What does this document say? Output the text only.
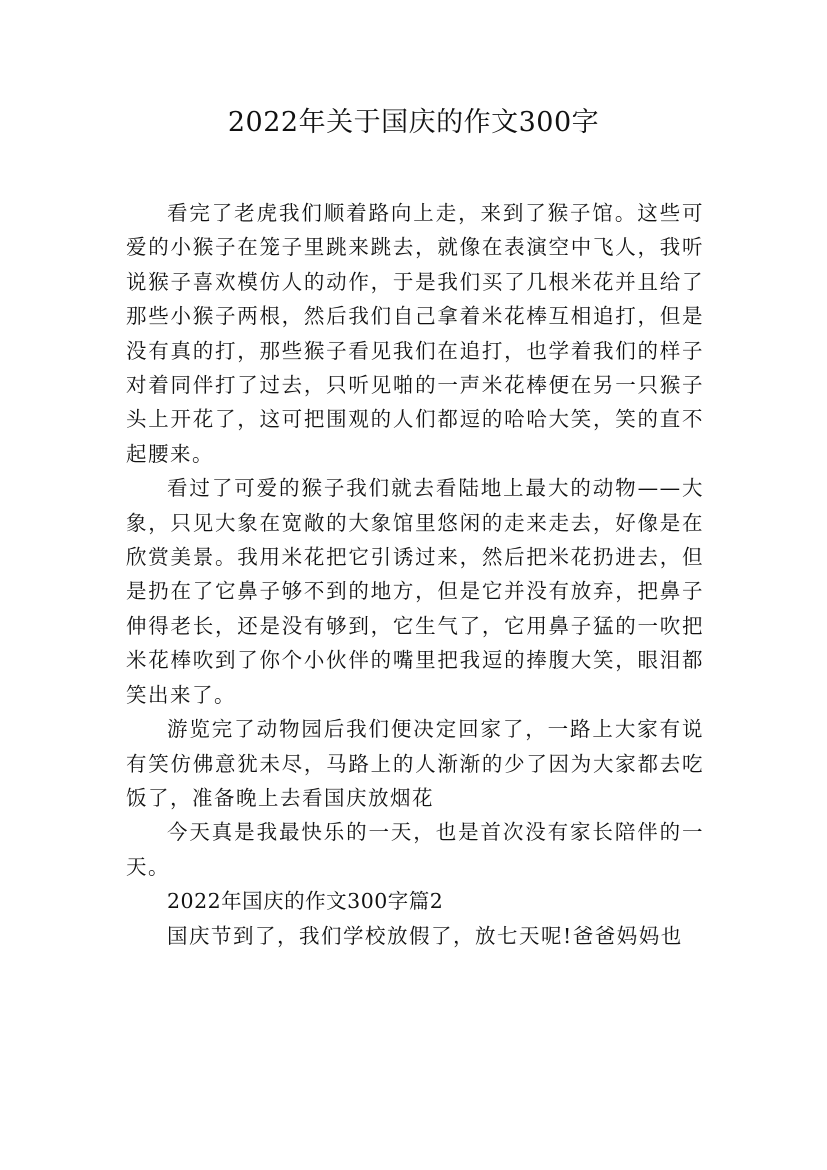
2022年关于国庆的作文300字

看完了老虎我们顺着路向上走，来到了猴子馆。这些可爱的小猴子在笼子里跳来跳去，就像在表演空中飞人，我听说猴子喜欢模仿人的动作，于是我们买了几根米花并且给了那些小猴子两根，然后我们自己拿着米花棒互相追打，但是没有真的打，那些猴子看见我们在追打，也学着我们的样子对着同伴打了过去，只听见啪的一声米花棒便在另一只猴子头上开花了，这可把围观的人们都逗的哈哈大笑，笑的直不起腰来。

看过了可爱的猴子我们就去看陆地上最大的动物——大象，只见大象在宽敞的大象馆里悠闲的走来走去，好像是在欣赏美景。我用米花把它引诱过来，然后把米花扔进去，但是扔在了它鼻子够不到的地方，但是它并没有放弃，把鼻子伸得老长，还是没有够到，它生气了，它用鼻子猛的一吹把米花棒吹到了你个小伙伴的嘴里把我逗的捧腹大笑，眼泪都笑出来了。

游览完了动物园后我们便决定回家了，一路上大家有说有笑仿佛意犹未尽，马路上的人渐渐的少了因为大家都去吃饭了，准备晚上去看国庆放烟花

今天真是我最快乐的一天，也是首次没有家长陪伴的一天。

2022年国庆的作文300字篇2

国庆节到了，我们学校放假了，放七天呢!爸爸妈妈也
